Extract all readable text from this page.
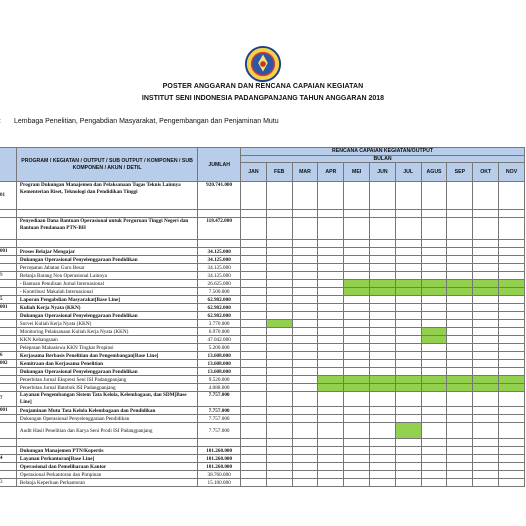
POSTER ANGGARAN DAN RENCANA CAPAIAN KEGIATAN
INSTITUT SENI INDONESIA PADANGPANJANG TAHUN ANGGARAN 2018
Lembaga Penelitian, Pengabdian Masyarakat, Pengembangan dan Penjaminan Mutu
	PROGRAM / KEGIATAN / OUTPUT / SUB OUTPUT / KOMPONEN / SUB KOMPONEN / AKUN / DETIL	JUMLAH	RENCANA CAPAIAN KEGIATAN/OUTPUT										
			BULAN										
			JAN	FEB	MAR	APR	MEI	JUN	JUL	AGUS	SEP	OKT	NOV
01	Program Dukungan Manajemen dan Pelaksanaan Tugas Teknis Lainnya Kementerian Riset, Teknologi dan Pendidikan Tinggi	920.741.000											

	Penyediaan Dana Bantuan Operasional untuk Perguruan Tinggi Negeri dan Bantuan Pendanaan PTN-BH	118.472.000											

001	Proses Belajar Mengajar	34.125.000											
	Dukungan Operasional Penyelenggaraan Pendidikan	34.125.000											
	Percepatan Jabatan Guru Besar	34.125.000											
9	Belanja Barang Non Operasional Lainnya	34.125.000											
	- Bantuan Penulisan Jurnal Internasional	26.625.000											
	- Kontribusi Makalah Internasional	7.500.000											
5	Laporan Pengabdian Masyarakat[Base Line]	62.982.000											
001	Kuliah Kerja Nyata (KKN)	62.982.000											
	Dukungan Operasional Penyelenggaraan Pendidikan	62.982.000											
	Survei Kuliah Kerja Nyata (KKN)	3.770.000											
	Monitoring Pelaksanaan Kuliah Kerja Nyata (KKN)	6.970.000											
	KKN Kebangsaan	47.042.000											
	Pelepasan Mahasiswa KKN Tingkat Propinsi	5.200.000											
6	Kerjasama Berbasis Penelitian dan Pengembangan[Base Line]	13.608.000											
002	Kemitraan dan Kerjasama Penelitian	13.608.000											
	Dukungan Operasional Penyelenggaraan Pendidikan	13.608.000											
	Penerbitan Jurnal Ekspresi Seni ISI Padangpanjang	9.520.000											
	Penerbitan Jurnal Batobok ISI Padangpanjang	4.088.000											
7	Layanan Pengembangan Sistem Tata Kelola, Kelembagaan, dan SDM[Base Line]	7.757.000											
001	Penjaminan Mutu Tata Kelola Kelembagaan dan Pendidikan	7.757.000											
	Dukungan Operasional Penyelenggaraan Pendidikan	7.757.000											
	Audit Hasil Penelitian dan Karya Seni Prodi ISI Padangpanjang	7.757.000											

	Dukungan Manajemen PTN/Kopertis	101.260.000											
4	Layanan Perkantoran[Base Line]	101.260.000											
	Operasional dan Pemeliharaan Kantor	101.260.000											
	Operasional Perkantoran dan Pimpinan	38.760.000											
3	Belanja Keperluan Perkantoran	15.100.000											
